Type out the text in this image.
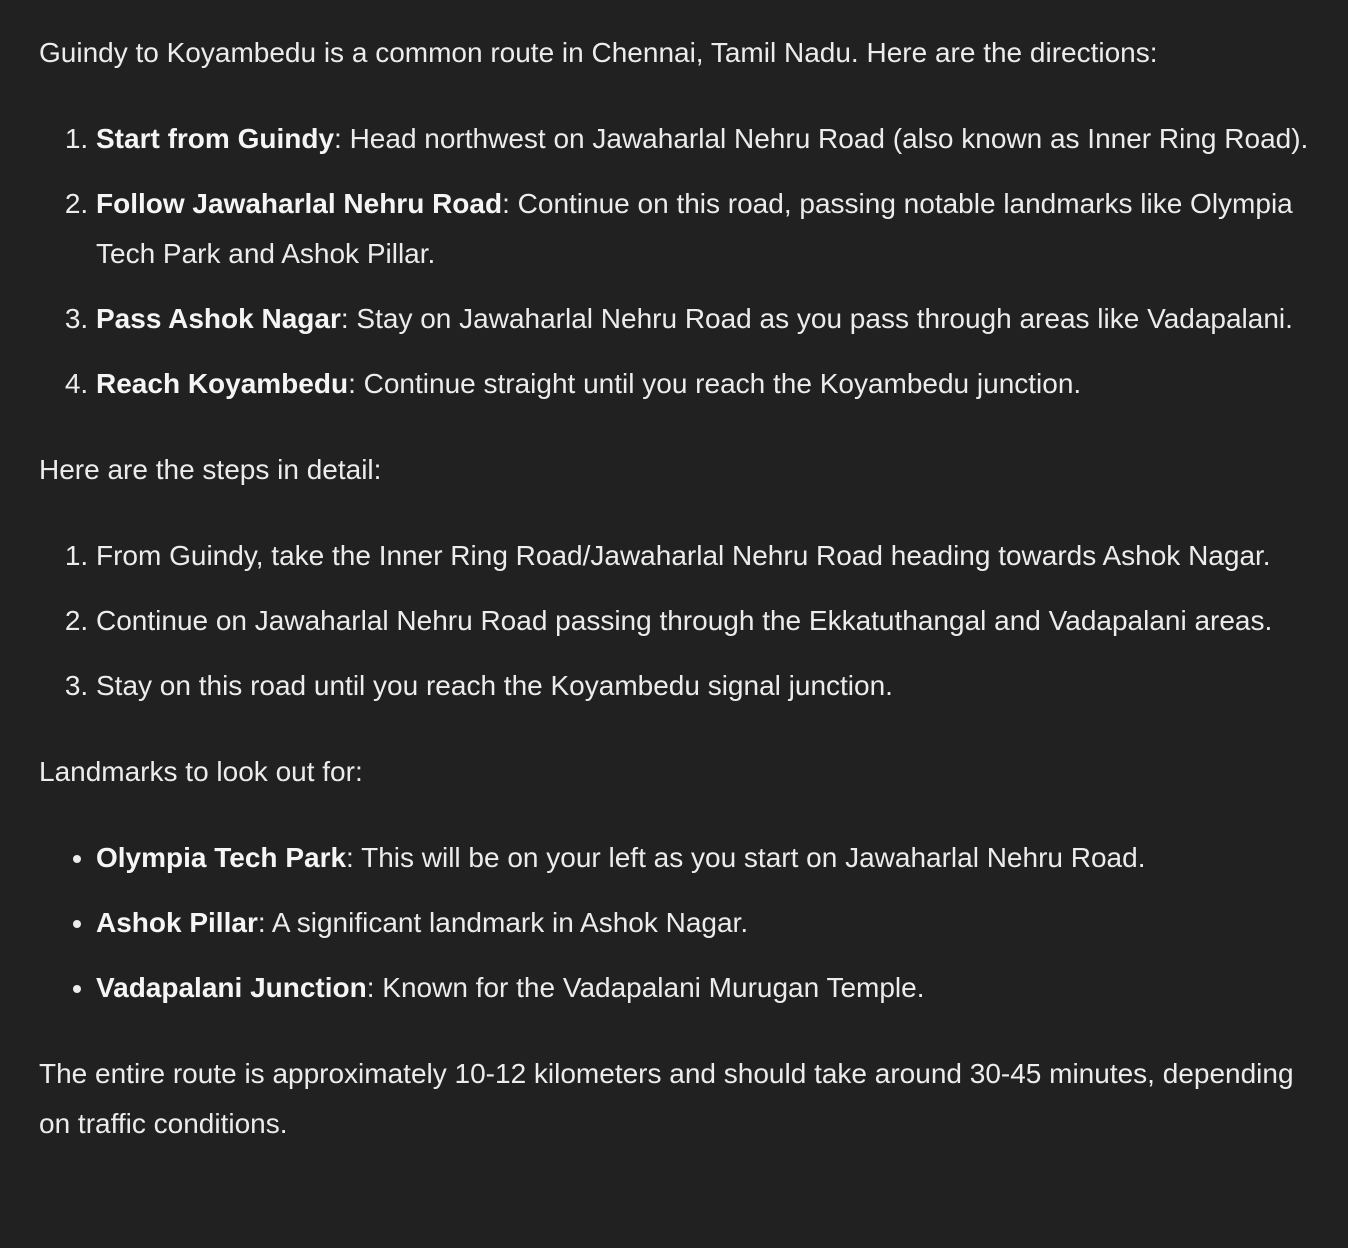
Guindy to Koyambedu is a common route in Chennai, Tamil Nadu. Here are the directions:

1. Start from Guindy: Head northwest on Jawaharlal Nehru Road (also known as Inner Ring Road).
2. Follow Jawaharlal Nehru Road: Continue on this road, passing notable landmarks like Olympia Tech Park and Ashok Pillar.
3. Pass Ashok Nagar: Stay on Jawaharlal Nehru Road as you pass through areas like Vadapalani.
4. Reach Koyambedu: Continue straight until you reach the Koyambedu junction.

Here are the steps in detail:

1. From Guindy, take the Inner Ring Road/Jawaharlal Nehru Road heading towards Ashok Nagar.
2. Continue on Jawaharlal Nehru Road passing through the Ekkatuthangal and Vadapalani areas.
3. Stay on this road until you reach the Koyambedu signal junction.

Landmarks to look out for:

• Olympia Tech Park: This will be on your left as you start on Jawaharlal Nehru Road.
• Ashok Pillar: A significant landmark in Ashok Nagar.
• Vadapalani Junction: Known for the Vadapalani Murugan Temple.

The entire route is approximately 10-12 kilometers and should take around 30-45 minutes, depending on traffic conditions.
